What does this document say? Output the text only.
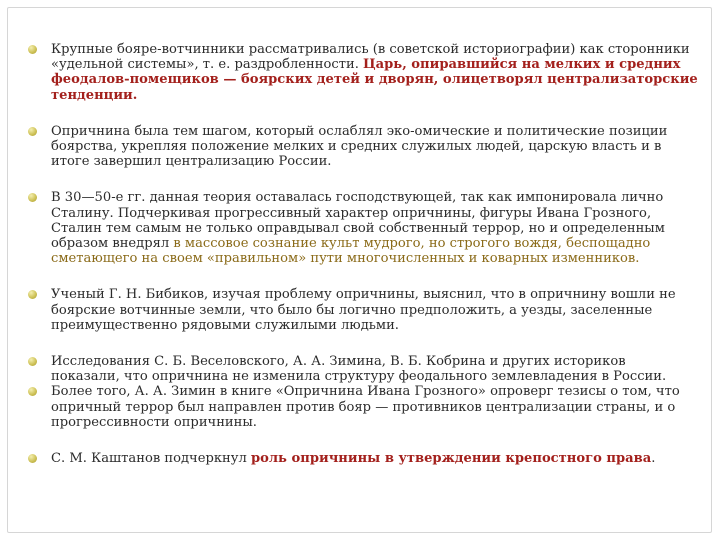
Крупные бояре-вотчинники рассматривались (в советской историографии) как сторонники «удельной системы», т. е. раздробленности. Царь, опиравшийся на мелких и средних феодалов-помещиков — боярских детей и дворян, олицетворял централизаторские тенденции.
Опричнина была тем шагом, который ослаблял эко-омические и политические позиции боярства, укрепляя положение мелких и средних служилых людей, царскую власть и в итоге завершил централизацию России.
В 30—50-е гг. данная теория оставалась господствующей, так как импонировала лично Сталину. Подчеркивая прогрессивный характер опричнины, фигуры Ивана Грозного, Сталин тем самым не только оправдывал свой собственный террор, но и определенным образом внедрял в массовое сознание культ мудрого, но строгого вождя, беспощадно сметающего на своем «правильном» пути многочисленных и коварных изменников.
Ученый Г. Н. Бибиков, изучая проблему опричнины, выяснил, что в опричнину вошли не боярские вотчинные земли, что было бы логично предположить, а уезды, заселенные преимущественно рядовыми служилыми людьми.
Исследования С. Б. Веселовского, А. А. Зимина, В. Б. Кобрина и других историков показали, что опричнина не изменила структуру феодального землевладения в России.
Более того, А. А. Зимин в книге «Опричнина Ивана Грозного» опроверг тезисы о том, что опричный террор был направлен против бояр — противников централизации страны, и о прогрессивности опричнины.
С. М. Каштанов подчеркнул роль опричнины в утверждении крепостного права.
